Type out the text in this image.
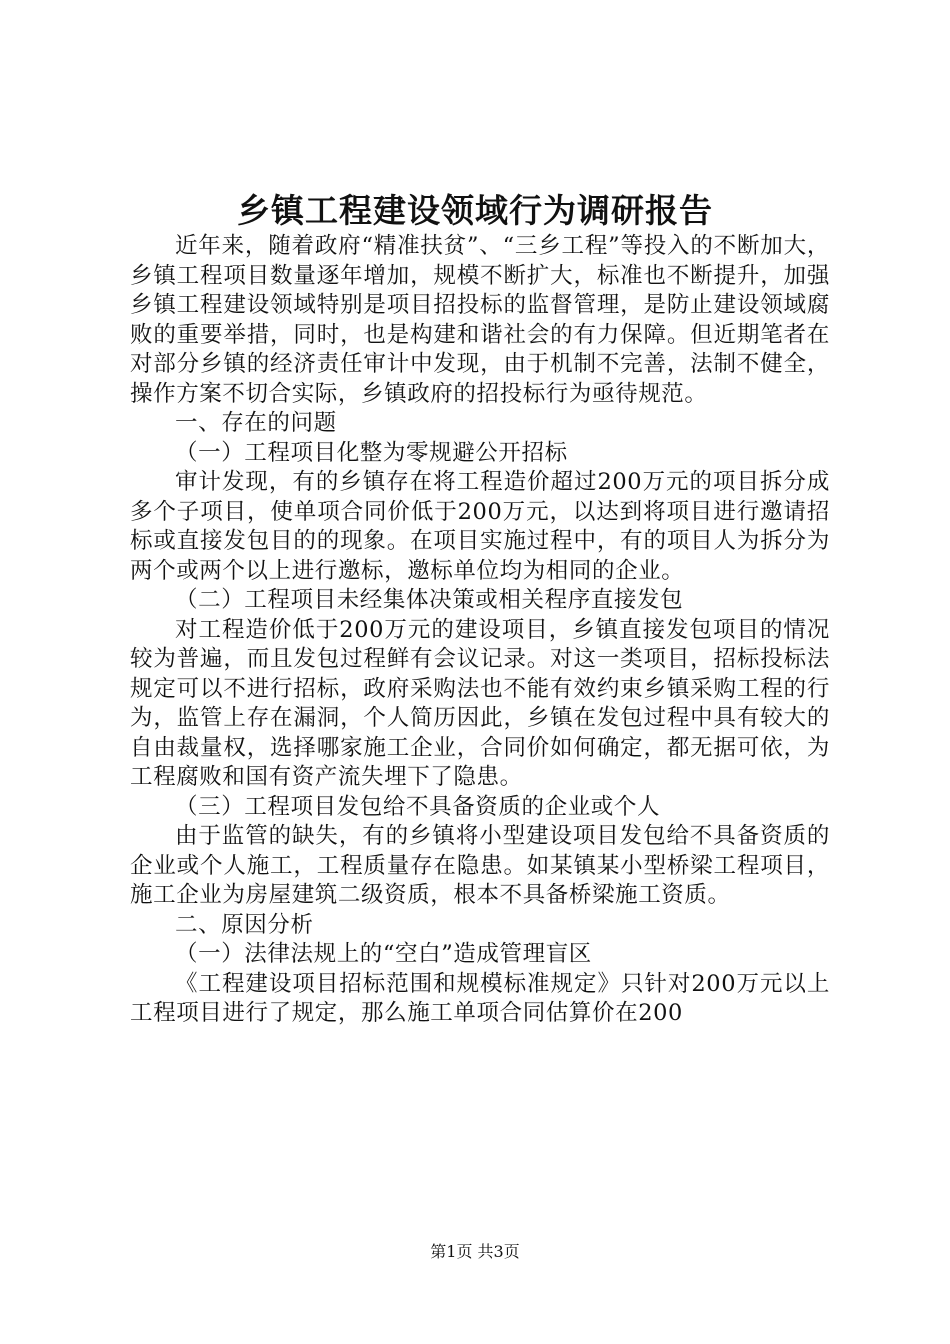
乡镇工程建设领域行为调研报告

近年来，随着政府“精准扶贫”、“三乡工程”等投入的不断加大，乡镇工程项目数量逐年增加，规模不断扩大，标准也不断提升，加强乡镇工程建设领域特别是项目招投标的监督管理，是防止建设领域腐败的重要举措，同时，也是构建和谐社会的有力保障。但近期笔者在对部分乡镇的经济责任审计中发现，由于机制不完善，法制不健全，操作方案不切合实际，乡镇政府的招投标行为亟待规范。

一、存在的问题

（一）工程项目化整为零规避公开招标

审计发现，有的乡镇存在将工程造价超过200万元的项目拆分成多个子项目，使单项合同价低于200万元，以达到将项目进行邀请招标或直接发包目的的现象。在项目实施过程中，有的项目人为拆分为两个或两个以上进行邀标，邀标单位均为相同的企业。

（二）工程项目未经集体决策或相关程序直接发包

对工程造价低于200万元的建设项目，乡镇直接发包项目的情况较为普遍，而且发包过程鲜有会议记录。对这一类项目，招标投标法规定可以不进行招标，政府采购法也不能有效约束乡镇采购工程的行为，监管上存在漏洞，个人简历因此，乡镇在发包过程中具有较大的自由裁量权，选择哪家施工企业，合同价如何确定，都无据可依，为工程腐败和国有资产流失埋下了隐患。

（三）工程项目发包给不具备资质的企业或个人

由于监管的缺失，有的乡镇将小型建设项目发包给不具备资质的企业或个人施工，工程质量存在隐患。如某镇某小型桥梁工程项目，施工企业为房屋建筑二级资质，根本不具备桥梁施工资质。

二、原因分析

（一）法律法规上的“空白”造成管理盲区

《工程建设项目招标范围和规模标准规定》只针对200万元以上工程项目进行了规定，那么施工单项合同估算价在200

第1页 共3页
